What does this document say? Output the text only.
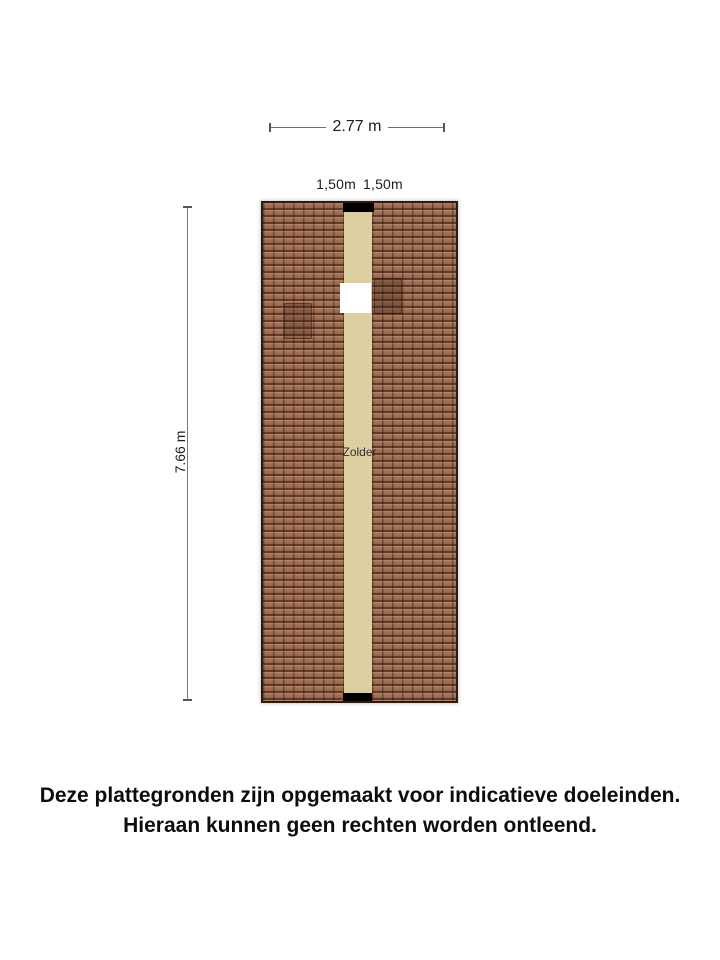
2.77 m
1,50m 1,50m
7.66 m	Zolder
Deze plattegronden zijn opgemaakt voor indicatieve doeleinden.
Hieraan kunnen geen rechten worden ontleend.
